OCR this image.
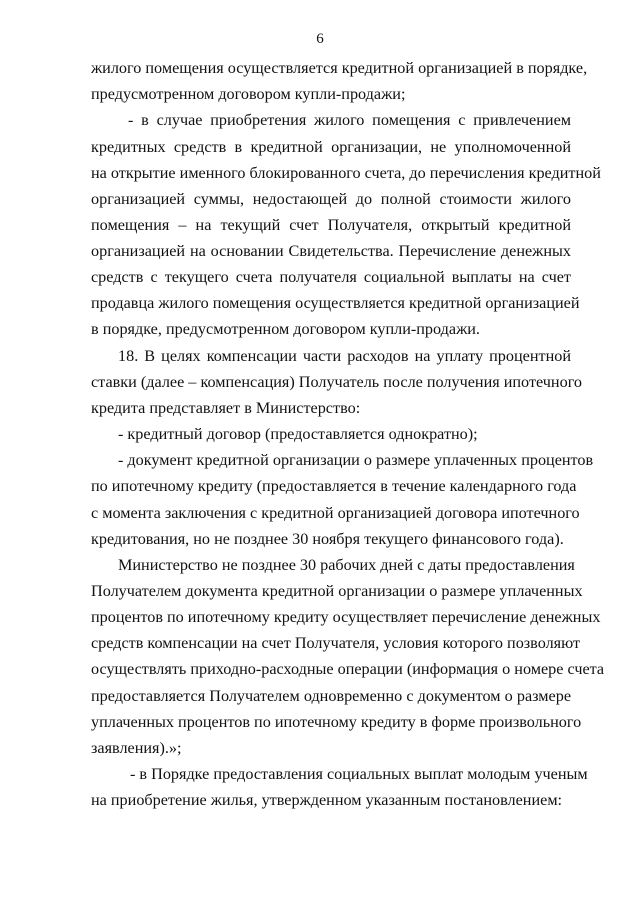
6
жилого помещения осуществляется кредитной организацией в порядке,
предусмотренном договором купли-продажи;
- в случае приобретения жилого помещения с привлечением
кредитных средств в кредитной организации, не уполномоченной
на открытие именного блокированного счета, до перечисления кредитной
организацией суммы, недостающей до полной стоимости жилого
помещения – на текущий счет Получателя, открытый кредитной
организацией на основании Свидетельства. Перечисление денежных
средств с текущего счета получателя социальной выплаты на счет
продавца жилого помещения осуществляется кредитной организацией
в порядке, предусмотренном договором купли-продажи.
18. В целях компенсации части расходов на уплату процентной
ставки (далее – компенсация) Получатель после получения ипотечного
кредита представляет в Министерство:
- кредитный договор (предоставляется однократно);
- документ кредитной организации о размере уплаченных процентов
по ипотечному кредиту (предоставляется в течение календарного года
с момента заключения с кредитной организацией договора ипотечного
кредитования, но не позднее 30 ноября текущего финансового года).
Министерство не позднее 30 рабочих дней с даты предоставления
Получателем документа кредитной организации о размере уплаченных
процентов по ипотечному кредиту осуществляет перечисление денежных
средств компенсации на счет Получателя, условия которого позволяют
осуществлять приходно-расходные операции (информация о номере счета
предоставляется Получателем одновременно с документом о размере
уплаченных процентов по ипотечному кредиту в форме произвольного
заявления).»;
- в Порядке предоставления социальных выплат молодым ученым
на приобретение жилья, утвержденном указанным постановлением:
